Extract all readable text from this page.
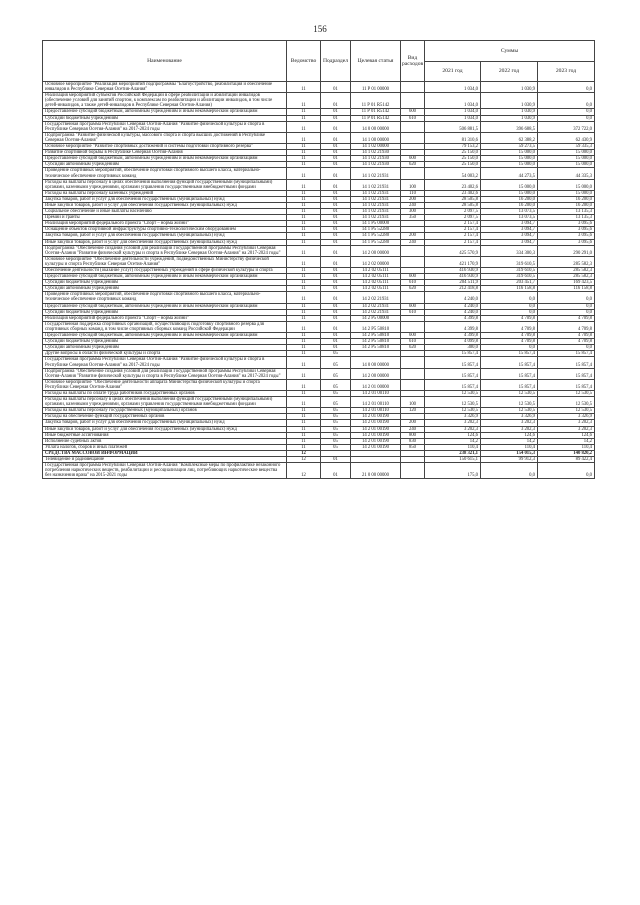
156
Наименование	Ведомство	Подраздел	Целевая статья	Вид расходов	Суммы		
					2021 год	2022 год	2023 год
Основное мероприятие "Реализация мероприятий подпрограммы "Благоустройство, реабилитация и обеспечение инвалидов в Республике Северная Осетия-Алания"	11	01	11 Р 01 00000		1 034,0	1 030,9	0,0
Реализация мероприятий субъектов Российской Федерации в сфере реабилитации и абилитации инвалидов (обеспечение условий для занятий спортом, к комплексам по реабилитации и абилитации инвалидов, в том числе детей-инвалидов, а также детей-инвалидов в Республике Северная Осетия-Алания)	11	01	11 Р 01 R5142		1 034,0	1 030,9	0,0
Предоставление субсидий бюджетным, автономным учреждениям и иным некоммерческим организациям	11	01	11 Р 01 R5142	600	1 034,0	1 030,9	0,0
Субсидии бюджетным учреждениям	11	01	11 Р 01 R5142	610	1 034,0	1 030,9	0,0
Государственная программа Республики Северная Осетия-Алания "Развитие физической культуры и спорта в Республике Северная Осетия-Алания" на 2017-2024 годы	11	01	14 0 00 00000		506 881,5	396 688,5	372 722,0
Подпрограмма "Развитие физической культуры, массового спорта и спорта высших достижений в Республике Северная Осетия-Алания"	11	01	14 1 00 00000		81 310,6	62 388,2	62 430,9
Основное мероприятие "Развитие спортивных достижений и системы подготовки спортивного резерва"	11	01	14 1 02 00000		79 153,2	59 273,5	59 335,3
Развитие спортивной борьбы в Республике Северная Осетия-Алания	11	01	14 1 02 21930		25 150,0	15 000,0	15 000,0
Предоставление субсидий бюджетным, автономным учреждениям и иным некоммерческим организациям	11	01	14 1 02 21930	600	25 150,0	15 000,0	15 000,0
Субсидии автономным учреждениям	11	01	14 1 02 21930	620	25 150,0	15 000,0	15 000,0
Проведение спортивных мероприятий, обеспечение подготовки спортивного высшего класса, материально-техническое обеспечение спортивных команд	11	01	14 1 02 21931		54 003,2	44 273,5	44 335,3
Расходы на выплаты персоналу в целях обеспечения выполнения функций государственными (муниципальными) органами, казенными учреждениями, органами управления государственными внебюджетными фондами	11	01	14 1 02 21931	100	23 402,6	15 000,0	15 000,0
Расходы на выплаты персоналу казенных учреждений	11	01	14 1 02 21931	110	23 402,6	15 000,0	15 000,0
Закупка товаров, работ и услуг для обеспечения государственных (муниципальных) нужд	11	01	14 1 02 21931	200	28 505,8	16 200,0	16 200,0
Иные закупки товаров, работ и услуг для обеспечения государственных (муниципальных) нужд	11	01	14 1 02 21931	240	28 505,8	16 200,0	16 200,0
Социальное обеспечение и иные выплаты населению	11	01	14 1 02 21931	300	2 097,5	13 073,5	13 135,3
Премии и гранты	11	01	14 1 02 21931	350	2 097,5	13 073,5	13 135,3
Реализация мероприятий федерального проекта "Спорт – норма жизни"	11	01	14 1 Р5 00000		2 157,4	3 094,7	3 095,6
Оснащение объектов спортивной инфраструктуры спортивно-технологическим оборудованием	11	01	14 1 Р5 52280		2 157,4	3 094,7	3 095,6
Закупка товаров, работ и услуг для обеспечения государственных (муниципальных) нужд	11	01	14 1 Р5 52280	200	2 157,4	3 094,7	3 095,6
Иные закупки товаров, работ и услуг для обеспечения государственных (муниципальных) нужд	11	01	14 1 Р5 52280	240	2 157,4	3 094,7	3 095,6
Подпрограмма "Обеспечение создания условий для реализации Государственной программы Республики Северная Осетия-Алания "Развитие физической культуры и спорта в Республике Северная Осетия-Алания" на 2017-2024 годы"	11	01	14 2 00 00000		425 570,9	334 300,3	290 291,0
Основное мероприятие "Обеспечение деятельности учреждений, подведомственных Министерству физической культуры и спорта Республики Северная Осетия-Алания"	11	01	14 2 02 00000		421 170,9	319 610,5	285 582,3
Обеспечение деятельности (оказание услуг) государственных учреждений в сфере физической культуры и спорта	11	01	14 2 02 05111		416 930,9	319 610,5	285 582,3
Предоставление субсидий бюджетным, автономным учреждениям и иным некоммерческим организациям	11	01	14 2 02 05111	600	416 930,9	319 610,5	285 582,3
Субсидии бюджетным учреждениям	11	01	14 2 02 05111	610	204 511,9	203 451,7	169 423,5
Субсидии автономным учреждениям	11	01	14 2 02 05111	620	212 418,8	116 158,8	116 158,8
Проведение спортивных мероприятий, обеспечение подготовки спортивного высшего класса, материально-техническое обеспечение спортивных команд	11	01	14 2 02 21931		4 240,0	0,0	0,0
Предоставление субсидий бюджетным, автономным учреждениям и иным некоммерческим организациям	11	01	14 2 02 21931	600	4 240,0	0,0	0,0
Субсидии бюджетным учреждениям	11	01	14 2 02 21931	610	4 240,0	0,0	0,0
Реализация мероприятий федерального проекта "Спорт – норма жизни"	11	01	14 2 Р5 00000		4 399,8	4 709,8	4 709,8
Государственная поддержка спортивных организаций, осуществляющих подготовку спортивного резерва для спортивных сборных команд, в том числе спортивных сборных команд Российской Федерации	11	01	14 2 Р5 50810		4 399,8	4 709,8	4 709,8
Предоставление субсидий бюджетным, автономным учреждениям и иным некоммерческим организациям	11	01	14 2 Р5 50810	600	4 399,8	4 709,8	4 709,8
Субсидии бюджетным учреждениям	11	01	14 2 Р5 50810	610	4 099,8	4 709,8	4 709,8
Субсидии автономным учреждениям	11	01	14 2 Р5 50810	620	300,0	0,0	0,0
Другие вопросы в области физической культуры и спорта	11	05			15 857,4	15 857,4	15 857,4
Государственная программа Республики Северная Осетия-Алания "Развитие физической культуры и спорта в Республике Северная Осетия-Алания" на 2017-2024 годы	11	05	14 0 00 00000		15 857,4	15 857,4	15 857,4
Подпрограмма "Обеспечение создания условий для реализации Государственной программы Республики Северная Осетия-Алания "Развитие физической культуры и спорта в Республике Северная Осетия-Алания" на 2017-2024 годы"	11	05	14 2 00 00000		15 857,4	15 857,4	15 857,4
Основное мероприятие "Обеспечение деятельности аппарата Министерства физической культуры и спорта Республики Северная Осетия-Алания"	11	05	14 2 01 00000		15 857,4	15 857,4	15 857,4
Расходы на выплаты по оплате труда работников государственных органов	11	05	14 2 01 00110		12 530,5	12 530,5	12 530,5
Расходы на выплаты персоналу в целях обеспечения выполнения функций государственными (муниципальными) органами, казенными учреждениями, органами управления государственными внебюджетными фондами	11	05	14 2 01 00110	100	12 530,5	12 530,5	12 530,5
Расходы на выплаты персоналу государственных (муниципальных) органов	11	05	14 2 01 00110	120	12 530,5	12 530,5	12 530,5
Расходы на обеспечение функций государственных органов	11	05	14 2 01 00190		3 326,9	3 326,9	3 326,9
Закупка товаров, работ и услуг для обеспечения государственных (муниципальных) нужд	11	05	14 2 01 00190	200	3 202,3	3 202,3	3 202,3
Иные закупки товаров, работ и услуг для обеспечения государственных (муниципальных) нужд	11	05	14 2 01 00190	240	3 202,3	3 202,3	3 202,3
Иные бюджетные ассигнования	11	05	14 2 01 00190	800	124,6	124,6	124,6
Исполнение судебных актов	11	05	14 2 01 00190	830	14,2	14,2	14,2
Уплата налогов, сборов и иных платежей	11	05	14 2 01 00190	850	110,4	110,4	110,4
СРЕДСТВА МАССОВОЙ ИНФОРМАЦИИ	12				238 321,1	154 015,3	140 820,2
Телевидение и радиовещание	12	01			150 615,1	99 912,3	89 422,4
Государственная программа Республики Северная Осетия-Алания "Комплексные меры по профилактике незаконного потребления наркотических веществ, реабилитации и ресоциализации лиц, потребляющих наркотические вещества без назначения врача" на 2015-2021 годы	12	01	21 0 00 00000		175,0	0,0	0,0
